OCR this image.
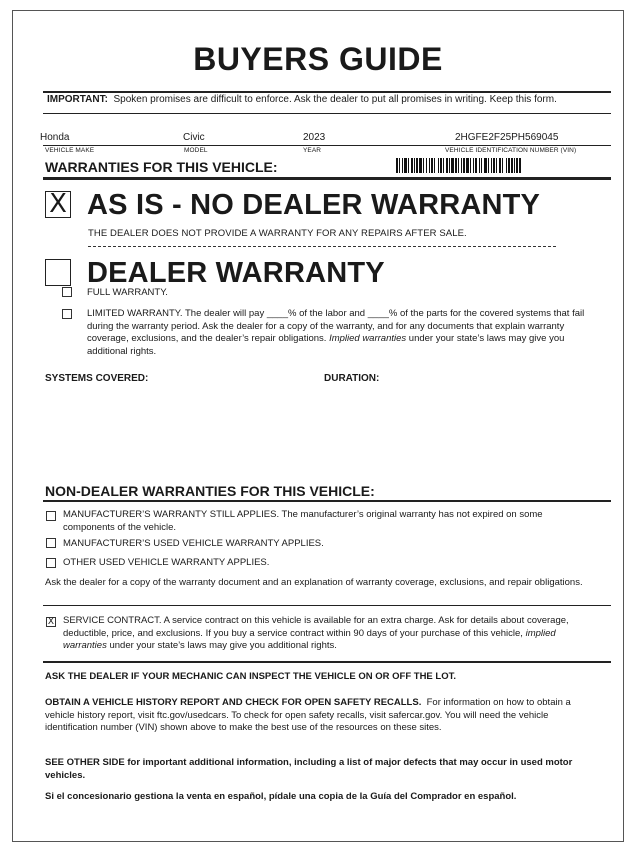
BUYERS GUIDE
IMPORTANT: Spoken promises are difficult to enforce. Ask the dealer to put all promises in writing. Keep this form.
Honda	Civic	2023	2HGFE2F25PH569045
VEHICLE MAKE	MODEL	YEAR	VEHICLE IDENTIFICATION NUMBER (VIN)
WARRANTIES FOR THIS VEHICLE:
X AS IS - NO DEALER WARRANTY
THE DEALER DOES NOT PROVIDE A WARRANTY FOR ANY REPAIRS AFTER SALE.
DEALER WARRANTY
FULL WARRANTY.
LIMITED WARRANTY. The dealer will pay ____% of the labor and ____% of the parts for the covered systems that fail during the warranty period. Ask the dealer for a copy of the warranty, and for any documents that explain warranty coverage, exclusions, and the dealer’s repair obligations. Implied warranties under your state’s laws may give you additional rights.
SYSTEMS COVERED:	DURATION:
NON-DEALER WARRANTIES FOR THIS VEHICLE:
MANUFACTURER’S WARRANTY STILL APPLIES. The manufacturer’s original warranty has not expired on some components of the vehicle.
MANUFACTURER’S USED VEHICLE WARRANTY APPLIES.
OTHER USED VEHICLE WARRANTY APPLIES.
Ask the dealer for a copy of the warranty document and an explanation of warranty coverage, exclusions, and repair obligations.
X SERVICE CONTRACT. A service contract on this vehicle is available for an extra charge. Ask for details about coverage, deductible, price, and exclusions. If you buy a service contract within 90 days of your purchase of this vehicle, implied warranties under your state’s laws may give you additional rights.
ASK THE DEALER IF YOUR MECHANIC CAN INSPECT THE VEHICLE ON OR OFF THE LOT.
OBTAIN A VEHICLE HISTORY REPORT AND CHECK FOR OPEN SAFETY RECALLS. For information on how to obtain a vehicle history report, visit ftc.gov/usedcars. To check for open safety recalls, visit safercar.gov. You will need the vehicle identification number (VIN) shown above to make the best use of the resources on these sites.
SEE OTHER SIDE for important additional information, including a list of major defects that may occur in used motor vehicles.
Si el concesionario gestiona la venta en español, pídale una copia de la Guía del Comprador en español.
